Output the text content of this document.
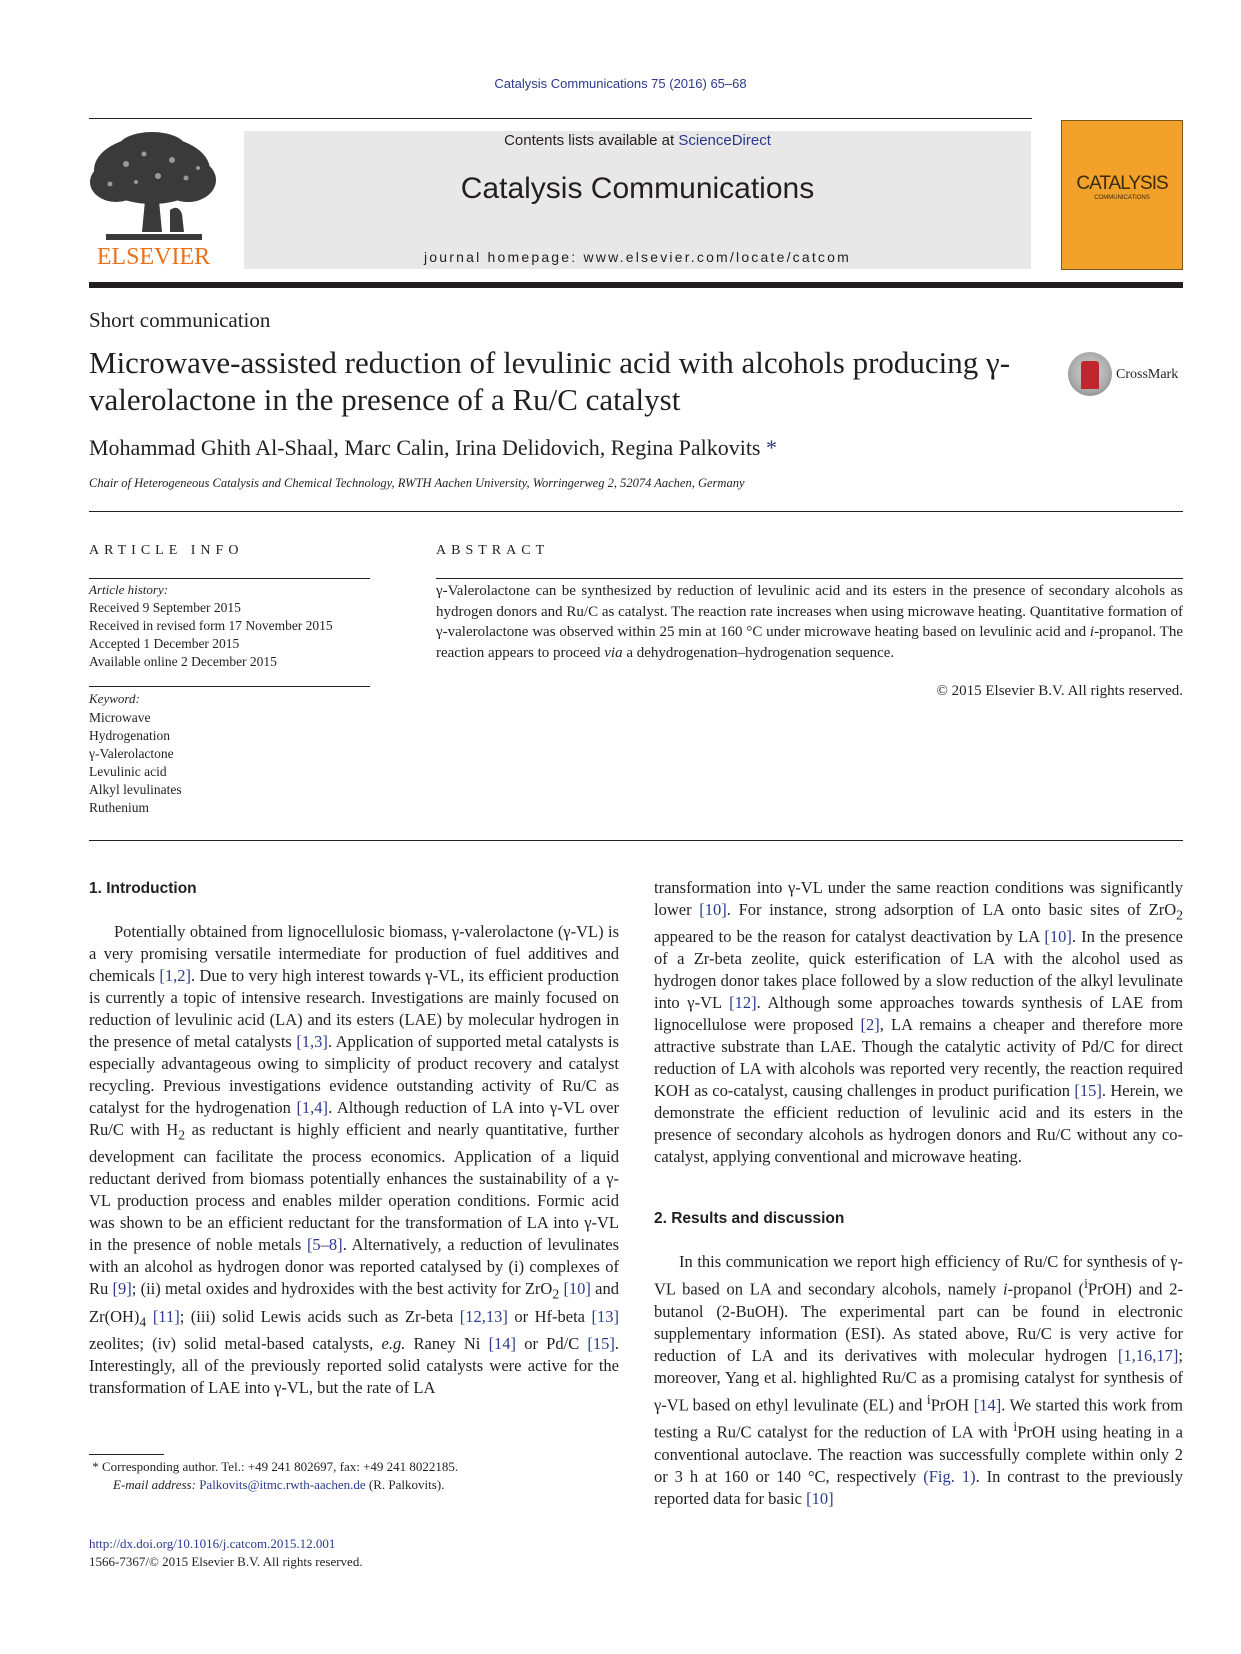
Catalysis Communications 75 (2016) 65–68
ELSEVIER
Contents lists available at ScienceDirect
Catalysis Communications
journal homepage: www.elsevier.com/locate/catcom
CATALYSIS
COMMUNICATIONS
Short communication
Microwave-assisted reduction of levulinic acid with alcohols producing γ-valerolactone in the presence of a Ru/C catalyst
CrossMark
Mohammad Ghith Al-Shaal, Marc Calin, Irina Delidovich, Regina Palkovits *
Chair of Heterogeneous Catalysis and Chemical Technology, RWTH Aachen University, Worringerweg 2, 52074 Aachen, Germany
ARTICLE INFO
Article history:
Received 9 September 2015
Received in revised form 17 November 2015
Accepted 1 December 2015
Available online 2 December 2015
Keyword:
Microwave
Hydrogenation
γ-Valerolactone
Levulinic acid
Alkyl levulinates
Ruthenium
ABSTRACT
γ-Valerolactone can be synthesized by reduction of levulinic acid and its esters in the presence of secondary alcohols as hydrogen donors and Ru/C as catalyst. The reaction rate increases when using microwave heating. Quantitative formation of γ-valerolactone was observed within 25 min at 160 °C under microwave heating based on levulinic acid and i-propanol. The reaction appears to proceed via a dehydrogenation–hydrogenation sequence.
© 2015 Elsevier B.V. All rights reserved.
1. Introduction

Potentially obtained from lignocellulosic biomass, γ-valerolactone (γ-VL) is a very promising versatile intermediate for production of fuel additives and chemicals [1,2]. Due to very high interest towards γ-VL, its efficient production is currently a topic of intensive research. Investigations are mainly focused on reduction of levulinic acid (LA) and its esters (LAE) by molecular hydrogen in the presence of metal catalysts [1,3]. Application of supported metal catalysts is especially advantageous owing to simplicity of product recovery and catalyst recycling. Previous investigations evidence outstanding activity of Ru/C as catalyst for the hydrogenation [1,4]. Although reduction of LA into γ-VL over Ru/C with $H_2$ as reductant is highly efficient and nearly quantitative, further development can facilitate the process economics. Application of a liquid reductant derived from biomass potentially enhances the sustainability of a γ-VL production process and enables milder operation conditions. Formic acid was shown to be an efficient reductant for the transformation of LA into γ-VL in the presence of noble metals [5–8]. Alternatively, a reduction of levulinates with an alcohol as hydrogen donor was reported catalysed by (i) complexes of Ru [9]; (ii) metal oxides and hydroxides with the best activity for ZrO$_2$ [10] and $Zr(OH)_4$ [11]; (iii) solid Lewis acids such as Zr-beta [12,13] or Hf-beta [13] zeolites; (iv) solid metal-based catalysts, e.g. Raney Ni [14] or Pd/C [15]. Interestingly, all of the previously reported solid catalysts were active for the transformation of LAE into γ-VL, but the rate of LA

transformation into γ-VL under the same reaction conditions was significantly lower [10]. For instance, strong adsorption of LA onto basic sites of ZrO$_2$ appeared to be the reason for catalyst deactivation by LA [10]. In the presence of a Zr-beta zeolite, quick esterification of LA with the alcohol used as hydrogen donor takes place followed by a slow reduction of the alkyl levulinate into γ-VL [12]. Although some approaches towards synthesis of LAE from lignocellulose were proposed [2], LA remains a cheaper and therefore more attractive substrate than LAE. Though the catalytic activity of Pd/C for direct reduction of LA with alcohols was reported very recently, the reaction required KOH as co-catalyst, causing challenges in product purification [15]. Herein, we demonstrate the efficient reduction of levulinic acid and its esters in the presence of secondary alcohols as hydrogen donors and Ru/C without any co-catalyst, applying conventional and microwave heating.

2. Results and discussion

In this communication we report high efficiency of Ru/C for synthesis of γ-VL based on LA and secondary alcohols, namely i-propanol ($^i$PrOH) and 2-butanol (2-BuOH). The experimental part can be found in electronic supplementary information (ESI). As stated above, Ru/C is very active for reduction of LA and its derivatives with molecular hydrogen [1,16,17]; moreover, Yang et al. highlighted Ru/C as a promising catalyst for synthesis of γ-VL based on ethyl levulinate (EL) and $^i$PrOH [14]. We started this work from testing a Ru/C catalyst for the reduction of LA with $^i$PrOH using heating in a conventional autoclave. The reaction was successfully complete within only 2 or 3 h at 160 or 140 °C, respectively (Fig. 1). In contrast to the previously reported data for basic [10]

* Corresponding author. Tel.: +49 241 802697, fax: +49 241 8022185.
E-mail address: Palkovits@itmc.rwth-aachen.de (R. Palkovits).
http://dx.doi.org/10.1016/j.catcom.2015.12.001
1566-7367/© 2015 Elsevier B.V. All rights reserved.
